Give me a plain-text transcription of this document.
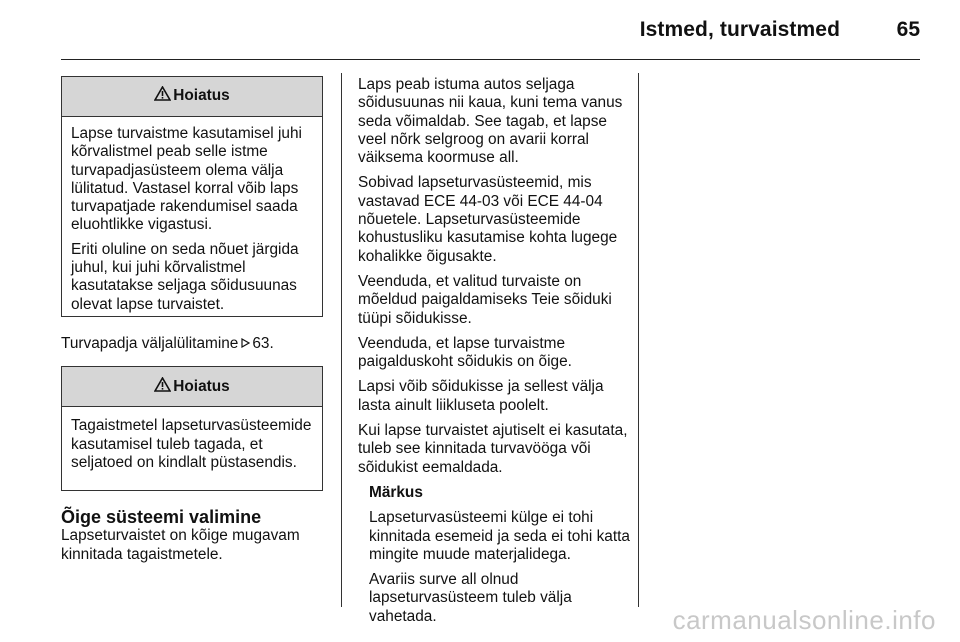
Istmed, turvaistmed	65
Hoiatus

Lapse turvaistme kasutamisel juhi kõrvalistmel peab selle istme turvapadjasüsteem olema välja lülitatud. Vastasel korral võib laps turvapatjade rakendumisel saada eluohtlikke vigastusi.

Eriti oluline on seda nõuet järgida juhul, kui juhi kõrvalistmel kasutatakse seljaga sõidusuunas olevat lapse turvaistet.

Turvapadja väljalülitamine 63.

Hoiatus

Tagaistmetel lapseturvasüsteemide kasutamisel tuleb tagada, et seljatoed on kindlalt püstasendis.

Õige süsteemi valimine

Lapseturvaistet on kõige mugavam kinnitada tagaistmetele.

Laps peab istuma autos seljaga sõidusuunas nii kaua, kuni tema vanus seda võimaldab. See tagab, et lapse veel nõrk selgroog on avarii korral väiksema koormuse all.

Sobivad lapseturvasüsteemid, mis vastavad ECE 44-03 või ECE 44-04 nõuetele. Lapseturvasüsteemide kohustusliku kasutamise kohta lugege kohalikke õigusakte.

Veenduda, et valitud turvaiste on mõeldud paigaldamiseks Teie sõiduki tüüpi sõidukisse.

Veenduda, et lapse turvaistme paigalduskoht sõidukis on õige.

Lapsi võib sõidukisse ja sellest välja lasta ainult liikluseta poolelt.

Kui lapse turvaistet ajutiselt ei kasutata, tuleb see kinnitada turvavööga või sõidukist eemaldada.

Märkus

Lapseturvasüsteemi külge ei tohi kinnitada esemeid ja seda ei tohi katta mingite muude materjalidega.

Avariis surve all olnud lapseturvasüsteem tuleb välja vahetada.	carmanualsonline.info
